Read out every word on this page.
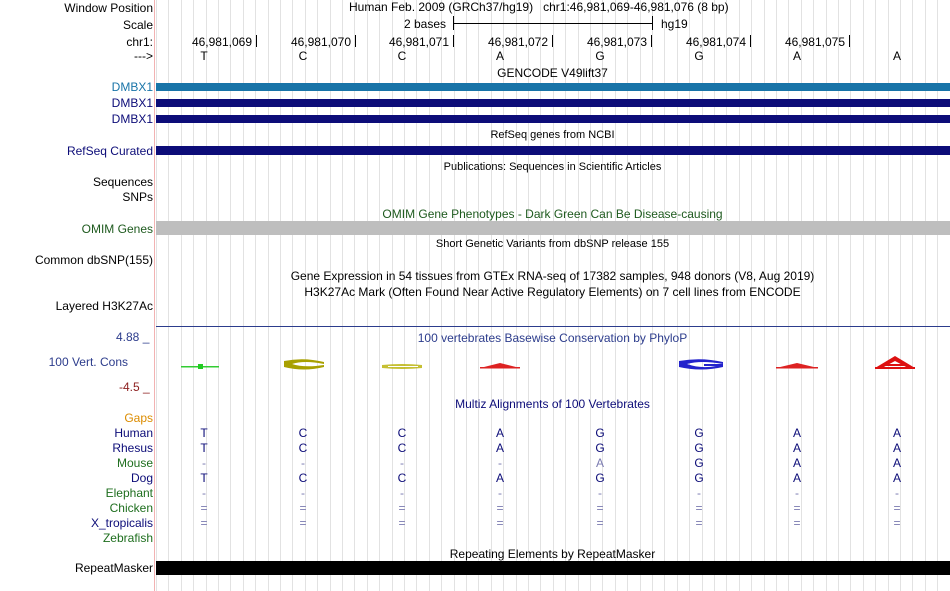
Window Position	Human Feb. 2009 (GRCh37/hg19) chr1:46,981,069-46,981,076 (8 bp)
Scale	2 bases	hg19
chr1:	46,981,069	46,981,070	46,981,071	46,981,072	46,981,073	46,981,074	46,981,075
--->	T	C	C	A	G	G	A	A
GENCODE V49lift37
DMBX1
DMBX1
DMBX1
RefSeq genes from NCBI
RefSeq Curated
Publications: Sequences in Scientific Articles
Sequences
SNPs
OMIM Gene Phenotypes - Dark Green Can Be Disease-causing
OMIM Genes
Short Genetic Variants from dbSNP release 155
Common dbSNP(155)
Gene Expression in 54 tissues from GTEx RNA-seq of 17382 samples, 948 donors (V8, Aug 2019)
H3K27Ac Mark (Often Found Near Active Regulatory Elements) on 7 cell lines from ENCODE
Layered H3K27Ac
100 vertebrates Basewise Conservation by PhyloP
4.88 _
100 Vert. Cons
-4.5 _
Multiz Alignments of 100 Vertebrates
Gaps
Human	T	C	C	A	G	G	A	A
Rhesus	T	C	C	A	G	G	A	A
Mouse	-	-	-	-	A	G	A	A
Dog	T	C	C	A	G	G	A	A
Elephant	-	-	-	-	-	-	-	-
Chicken	=	=	=	=	=	=	=	=
X_tropicalis	=	=	=	=	=	=	=	=
Zebrafish
Repeating Elements by RepeatMasker
RepeatMasker
